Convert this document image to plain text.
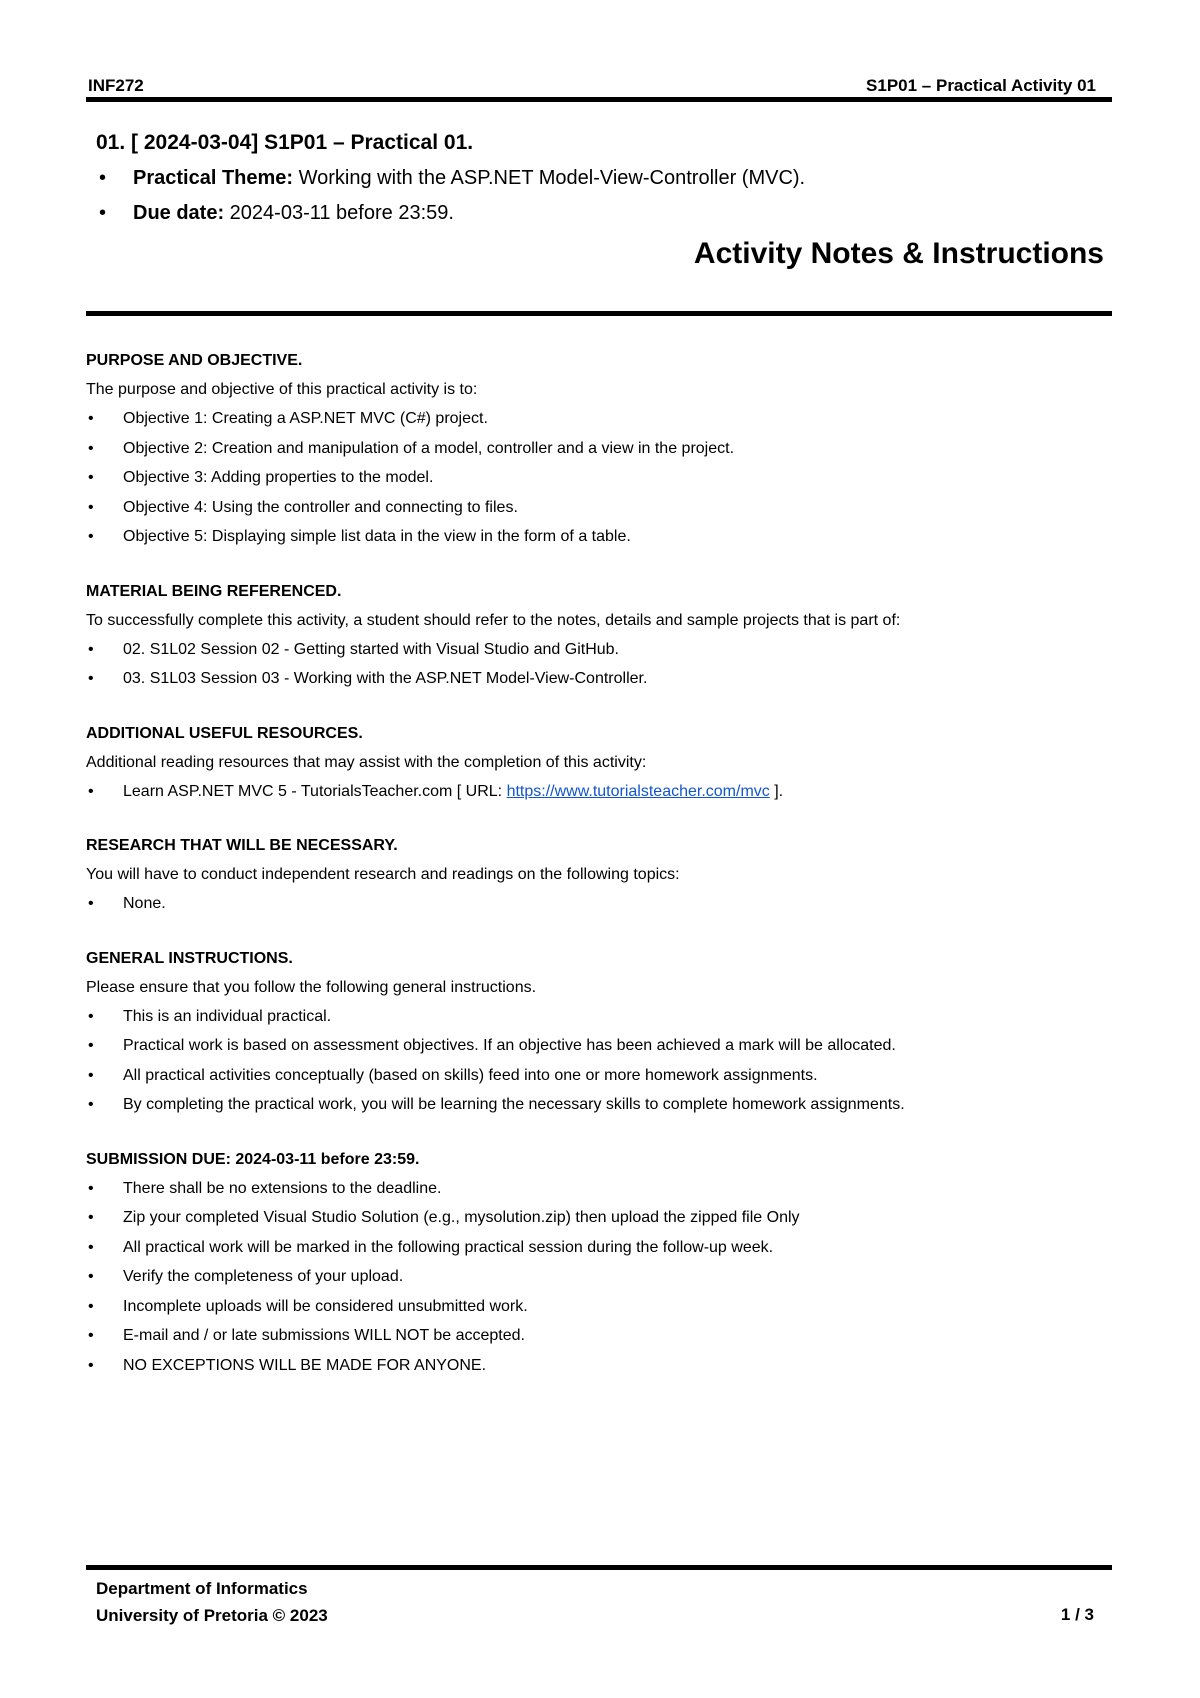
INF272	S1P01 – Practical Activity 01
01. [ 2024-03-04] S1P01 – Practical 01.
• Practical Theme: Working with the ASP.NET Model-View-Controller (MVC).
• Due date: 2024-03-11 before 23:59.
Activity Notes & Instructions
PURPOSE AND OBJECTIVE.
The purpose and objective of this practical activity is to:
• Objective 1: Creating a ASP.NET MVC (C#) project.
• Objective 2: Creation and manipulation of a model, controller and a view in the project.
• Objective 3: Adding properties to the model.
• Objective 4: Using the controller and connecting to files.
• Objective 5: Displaying simple list data in the view in the form of a table.
MATERIAL BEING REFERENCED.
To successfully complete this activity, a student should refer to the notes, details and sample projects that is part of:
• 02. S1L02 Session 02 - Getting started with Visual Studio and GitHub.
• 03. S1L03 Session 03 - Working with the ASP.NET Model-View-Controller.
ADDITIONAL USEFUL RESOURCES.
Additional reading resources that may assist with the completion of this activity:
• Learn ASP.NET MVC 5 - TutorialsTeacher.com [ URL: https://www.tutorialsteacher.com/mvc ].
RESEARCH THAT WILL BE NECESSARY.
You will have to conduct independent research and readings on the following topics:
• None.
GENERAL INSTRUCTIONS.
Please ensure that you follow the following general instructions.
• This is an individual practical.
• Practical work is based on assessment objectives. If an objective has been achieved a mark will be allocated.
• All practical activities conceptually (based on skills) feed into one or more homework assignments.
• By completing the practical work, you will be learning the necessary skills to complete homework assignments.
SUBMISSION DUE: 2024-03-11 before 23:59.
• There shall be no extensions to the deadline.
• Zip your completed Visual Studio Solution (e.g., mysolution.zip) then upload the zipped file Only
• All practical work will be marked in the following practical session during the follow-up week.
• Verify the completeness of your upload.
• Incomplete uploads will be considered unsubmitted work.
• E-mail and / or late submissions WILL NOT be accepted.
• NO EXCEPTIONS WILL BE MADE FOR ANYONE.
Department of Informatics
University of Pretoria © 2023	1 / 3
